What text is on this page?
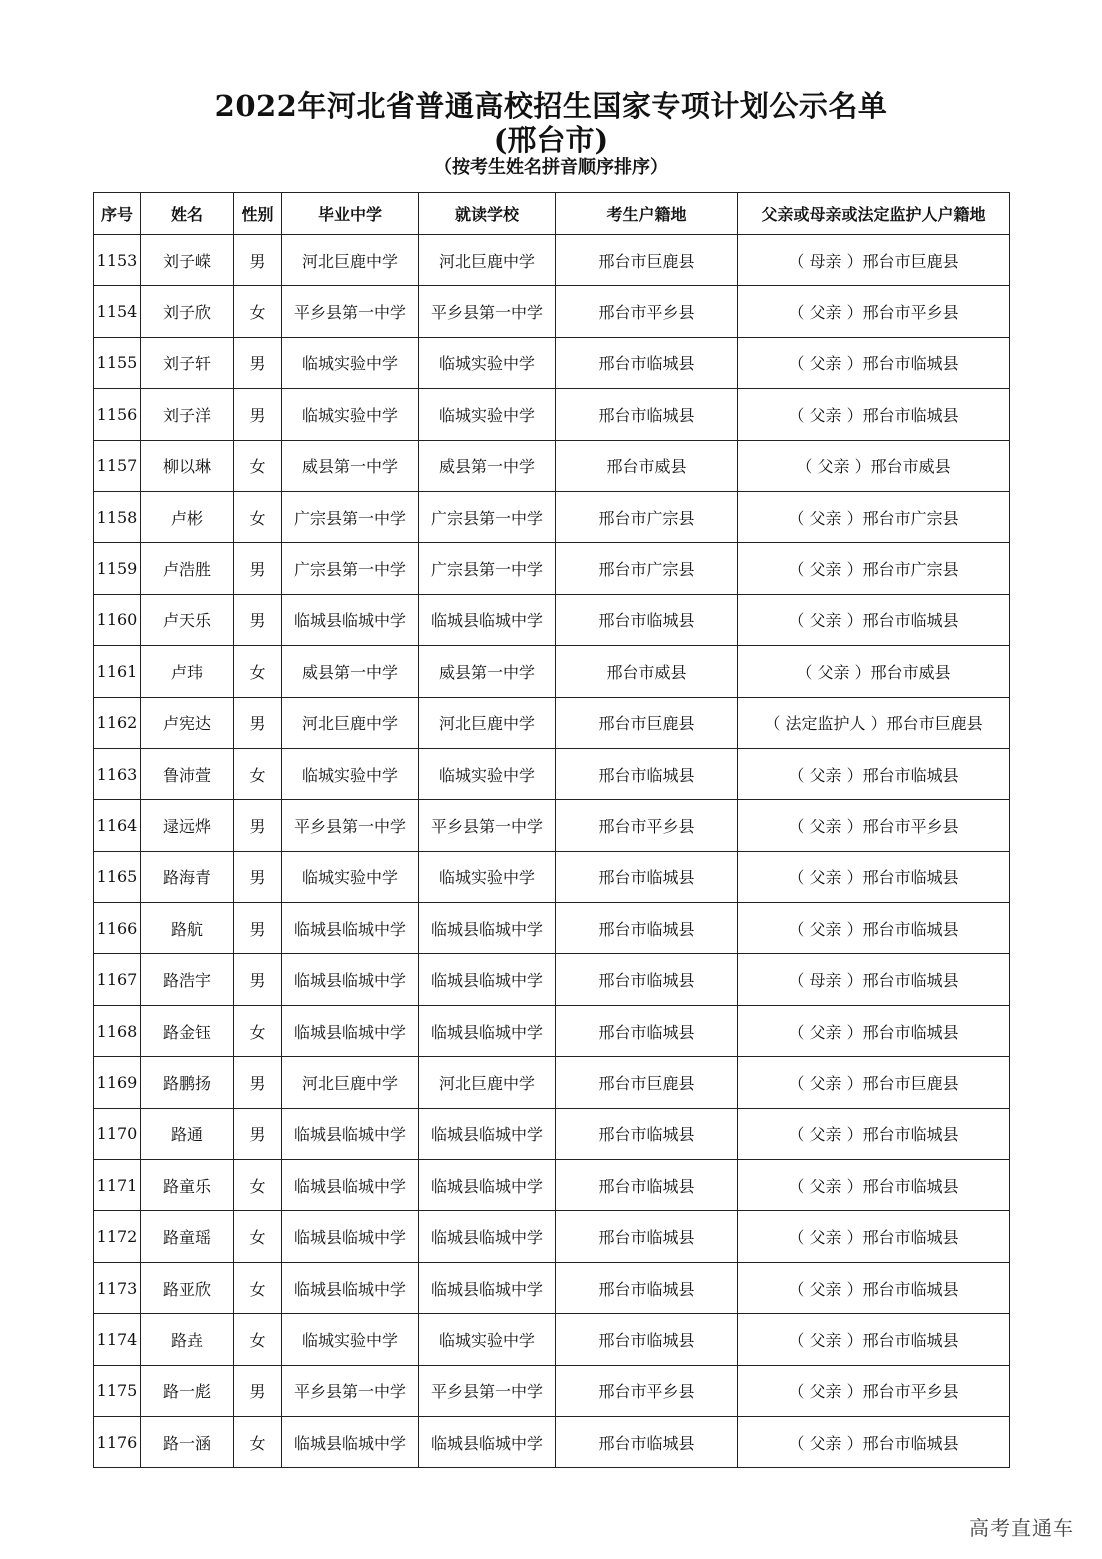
2022年河北省普通高校招生国家专项计划公示名单
(邢台市)
（按考生姓名拼音顺序排序）
序号	姓名	性别	毕业中学	就读学校	考生户籍地	父亲或母亲或法定监护人户籍地
1153	刘子嵘	男	河北巨鹿中学	河北巨鹿中学	邢台市巨鹿县	（ 母亲 ）邢台市巨鹿县
1154	刘子欣	女	平乡县第一中学	平乡县第一中学	邢台市平乡县	（ 父亲 ）邢台市平乡县
1155	刘子轩	男	临城实验中学	临城实验中学	邢台市临城县	（ 父亲 ）邢台市临城县
1156	刘子洋	男	临城实验中学	临城实验中学	邢台市临城县	（ 父亲 ）邢台市临城县
1157	柳以琳	女	威县第一中学	威县第一中学	邢台市威县	（ 父亲 ）邢台市威县
1158	卢彬	女	广宗县第一中学	广宗县第一中学	邢台市广宗县	（ 父亲 ）邢台市广宗县
1159	卢浩胜	男	广宗县第一中学	广宗县第一中学	邢台市广宗县	（ 父亲 ）邢台市广宗县
1160	卢天乐	男	临城县临城中学	临城县临城中学	邢台市临城县	（ 父亲 ）邢台市临城县
1161	卢玮	女	威县第一中学	威县第一中学	邢台市威县	（ 父亲 ）邢台市威县
1162	卢宪达	男	河北巨鹿中学	河北巨鹿中学	邢台市巨鹿县	（ 法定监护人 ）邢台市巨鹿县
1163	鲁沛萱	女	临城实验中学	临城实验中学	邢台市临城县	（ 父亲 ）邢台市临城县
1164	逯远烨	男	平乡县第一中学	平乡县第一中学	邢台市平乡县	（ 父亲 ）邢台市平乡县
1165	路海青	男	临城实验中学	临城实验中学	邢台市临城县	（ 父亲 ）邢台市临城县
1166	路航	男	临城县临城中学	临城县临城中学	邢台市临城县	（ 父亲 ）邢台市临城县
1167	路浩宇	男	临城县临城中学	临城县临城中学	邢台市临城县	（ 母亲 ）邢台市临城县
1168	路金钰	女	临城县临城中学	临城县临城中学	邢台市临城县	（ 父亲 ）邢台市临城县
1169	路鹏扬	男	河北巨鹿中学	河北巨鹿中学	邢台市巨鹿县	（ 父亲 ）邢台市巨鹿县
1170	路通	男	临城县临城中学	临城县临城中学	邢台市临城县	（ 父亲 ）邢台市临城县
1171	路童乐	女	临城县临城中学	临城县临城中学	邢台市临城县	（ 父亲 ）邢台市临城县
1172	路童瑶	女	临城县临城中学	临城县临城中学	邢台市临城县	（ 父亲 ）邢台市临城县
1173	路亚欣	女	临城县临城中学	临城县临城中学	邢台市临城县	（ 父亲 ）邢台市临城县
1174	路垚	女	临城实验中学	临城实验中学	邢台市临城县	（ 父亲 ）邢台市临城县
1175	路一彪	男	平乡县第一中学	平乡县第一中学	邢台市平乡县	（ 父亲 ）邢台市平乡县
1176	路一涵	女	临城县临城中学	临城县临城中学	邢台市临城县	（ 父亲 ）邢台市临城县
高考直通车
